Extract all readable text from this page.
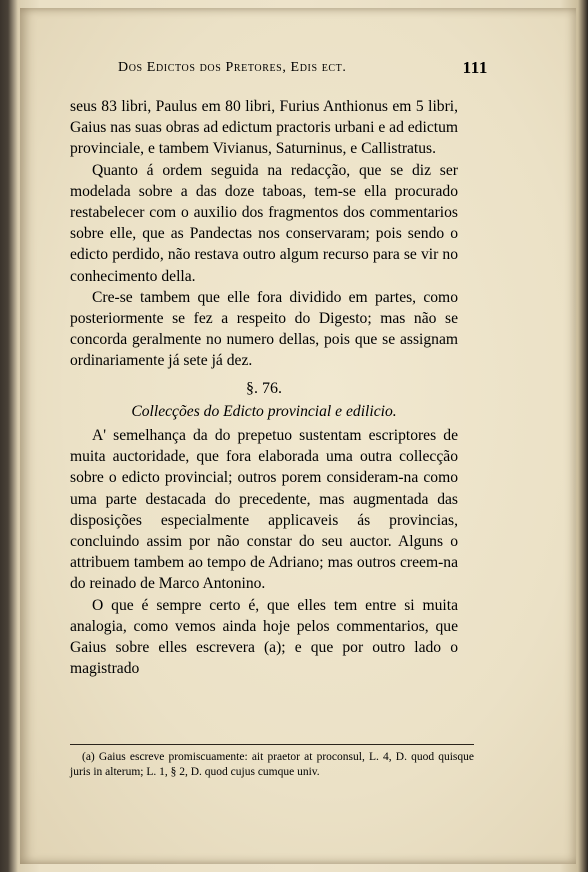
Dos Edictos dos Pretores, Edis ect.	111

seus 83 libri, Paulus em 80 libri, Furius Anthionus em 5 libri, Gaius nas suas obras ad edictum practoris urbani e ad edictum provinciale, e tambem Vivianus, Saturninus, e Callistratus.

Quanto á ordem seguida na redacção, que se diz ser modelada sobre a das doze taboas, tem-se ella procurado restabelecer com o auxilio dos fragmentos dos commentarios sobre elle, que as Pandectas nos conservaram; pois sendo o edicto perdido, não restava outro algum recurso para se vir no conhecimento della.

Cre-se tambem que elle fora dividido em partes, como posteriormente se fez a respeito do Digesto; mas não se concorda geralmente no numero dellas, pois que se assignam ordinariamente já sete já dez.

§. 76.
Collecções do Edicto provincial e edilicio.

A' semelhança da do prepetuo sustentam escriptores de muita auctoridade, que fora elaborada uma outra collecção sobre o edicto provincial; outros porem consideram-na como uma parte destacada do precedente, mas augmentada das disposições especialmente applicaveis ás provincias, concluindo assim por não constar do seu auctor. Alguns o attribuem tambem ao tempo de Adriano; mas outros creem-na do reinado de Marco Antonino.

O que é sempre certo é, que elles tem entre si muita analogia, como vemos ainda hoje pelos commentarios, que Gaius sobre elles escrevera (a); e que por outro lado o magistrado

(a) Gaius escreve promiscuamente: ait praetor at proconsul, L. 4, D. quod quisque juris in alterum; L. 1, § 2, D. quod cujus cumque univ.
